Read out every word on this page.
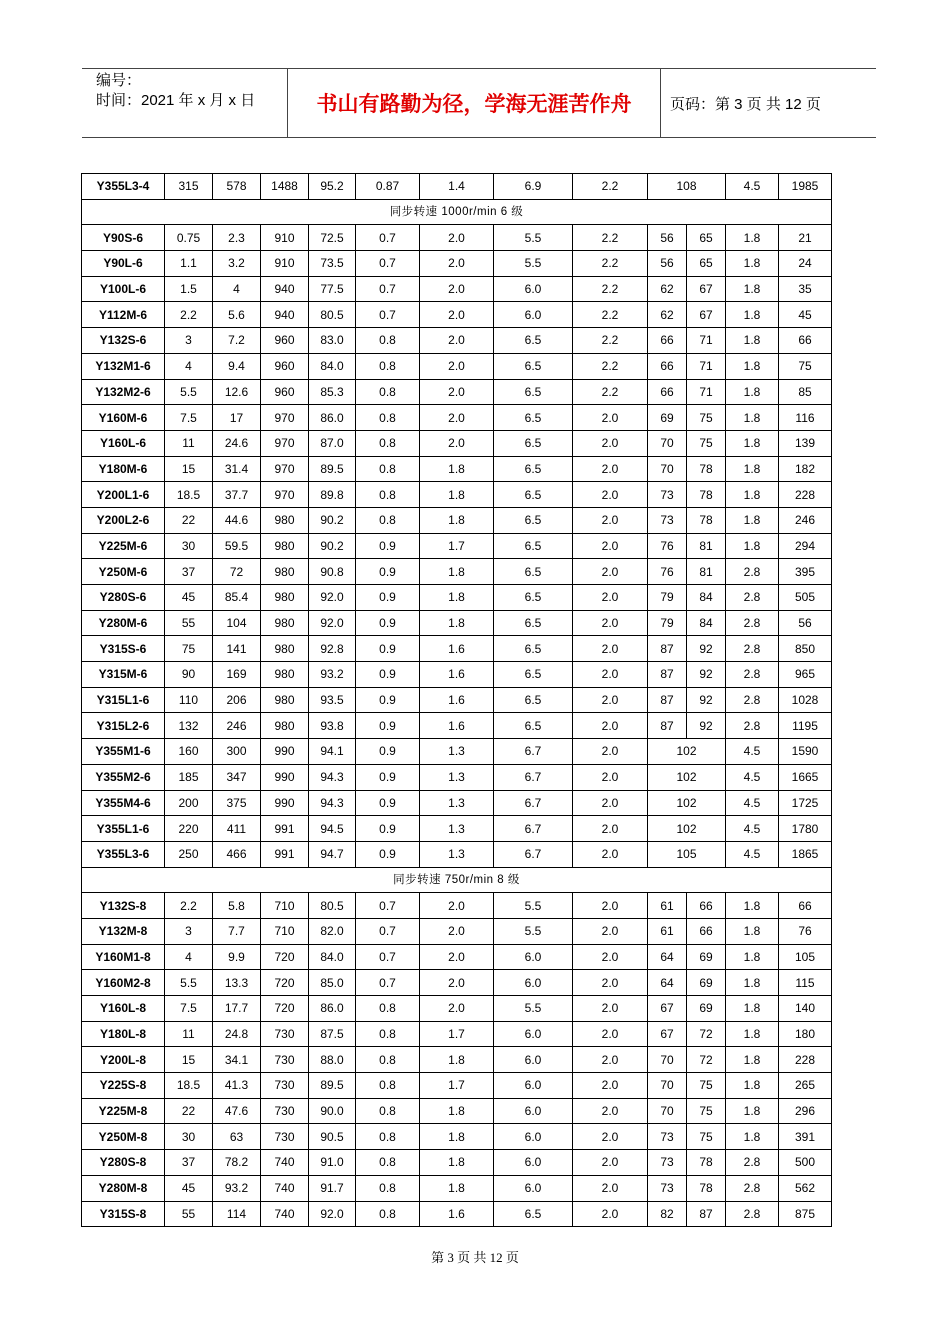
编号：
时间：2021 年 x 月 x 日	书山有路勤为径，学海无涯苦作舟	页码：第 3 页 共 12 页
Y355L3-4	315	578	1488	95.2	0.87	1.4	6.9	2.2	108		4.5	1985
同步转速 1000r/min 6 级												
Y90S-6	0.75	2.3	910	72.5	0.7	2.0	5.5	2.2	56	65	1.8	21
Y90L-6	1.1	3.2	910	73.5	0.7	2.0	5.5	2.2	56	65	1.8	24
Y100L-6	1.5	4	940	77.5	0.7	2.0	6.0	2.2	62	67	1.8	35
Y112M-6	2.2	5.6	940	80.5	0.7	2.0	6.0	2.2	62	67	1.8	45
Y132S-6	3	7.2	960	83.0	0.8	2.0	6.5	2.2	66	71	1.8	66
Y132M1-6	4	9.4	960	84.0	0.8	2.0	6.5	2.2	66	71	1.8	75
Y132M2-6	5.5	12.6	960	85.3	0.8	2.0	6.5	2.2	66	71	1.8	85
Y160M-6	7.5	17	970	86.0	0.8	2.0	6.5	2.0	69	75	1.8	116
Y160L-6	11	24.6	970	87.0	0.8	2.0	6.5	2.0	70	75	1.8	139
Y180M-6	15	31.4	970	89.5	0.8	1.8	6.5	2.0	70	78	1.8	182
Y200L1-6	18.5	37.7	970	89.8	0.8	1.8	6.5	2.0	73	78	1.8	228
Y200L2-6	22	44.6	980	90.2	0.8	1.8	6.5	2.0	73	78	1.8	246
Y225M-6	30	59.5	980	90.2	0.9	1.7	6.5	2.0	76	81	1.8	294
Y250M-6	37	72	980	90.8	0.9	1.8	6.5	2.0	76	81	2.8	395
Y280S-6	45	85.4	980	92.0	0.9	1.8	6.5	2.0	79	84	2.8	505
Y280M-6	55	104	980	92.0	0.9	1.8	6.5	2.0	79	84	2.8	56
Y315S-6	75	141	980	92.8	0.9	1.6	6.5	2.0	87	92	2.8	850
Y315M-6	90	169	980	93.2	0.9	1.6	6.5	2.0	87	92	2.8	965
Y315L1-6	110	206	980	93.5	0.9	1.6	6.5	2.0	87	92	2.8	1028
Y315L2-6	132	246	980	93.8	0.9	1.6	6.5	2.0	87	92	2.8	1195
Y355M1-6	160	300	990	94.1	0.9	1.3	6.7	2.0	102		4.5	1590
Y355M2-6	185	347	990	94.3	0.9	1.3	6.7	2.0	102		4.5	1665
Y355M4-6	200	375	990	94.3	0.9	1.3	6.7	2.0	102		4.5	1725
Y355L1-6	220	411	991	94.5	0.9	1.3	6.7	2.0	102		4.5	1780
Y355L3-6	250	466	991	94.7	0.9	1.3	6.7	2.0	105		4.5	1865
同步转速 750r/min 8 级												
Y132S-8	2.2	5.8	710	80.5	0.7	2.0	5.5	2.0	61	66	1.8	66
Y132M-8	3	7.7	710	82.0	0.7	2.0	5.5	2.0	61	66	1.8	76
Y160M1-8	4	9.9	720	84.0	0.7	2.0	6.0	2.0	64	69	1.8	105
Y160M2-8	5.5	13.3	720	85.0	0.7	2.0	6.0	2.0	64	69	1.8	115
Y160L-8	7.5	17.7	720	86.0	0.8	2.0	5.5	2.0	67	69	1.8	140
Y180L-8	11	24.8	730	87.5	0.8	1.7	6.0	2.0	67	72	1.8	180
Y200L-8	15	34.1	730	88.0	0.8	1.8	6.0	2.0	70	72	1.8	228
Y225S-8	18.5	41.3	730	89.5	0.8	1.7	6.0	2.0	70	75	1.8	265
Y225M-8	22	47.6	730	90.0	0.8	1.8	6.0	2.0	70	75	1.8	296
Y250M-8	30	63	730	90.5	0.8	1.8	6.0	2.0	73	75	1.8	391
Y280S-8	37	78.2	740	91.0	0.8	1.8	6.0	2.0	73	78	2.8	500
Y280M-8	45	93.2	740	91.7	0.8	1.8	6.0	2.0	73	78	2.8	562
Y315S-8	55	114	740	92.0	0.8	1.6	6.5	2.0	82	87	2.8	875
第 3 页 共 12 页
